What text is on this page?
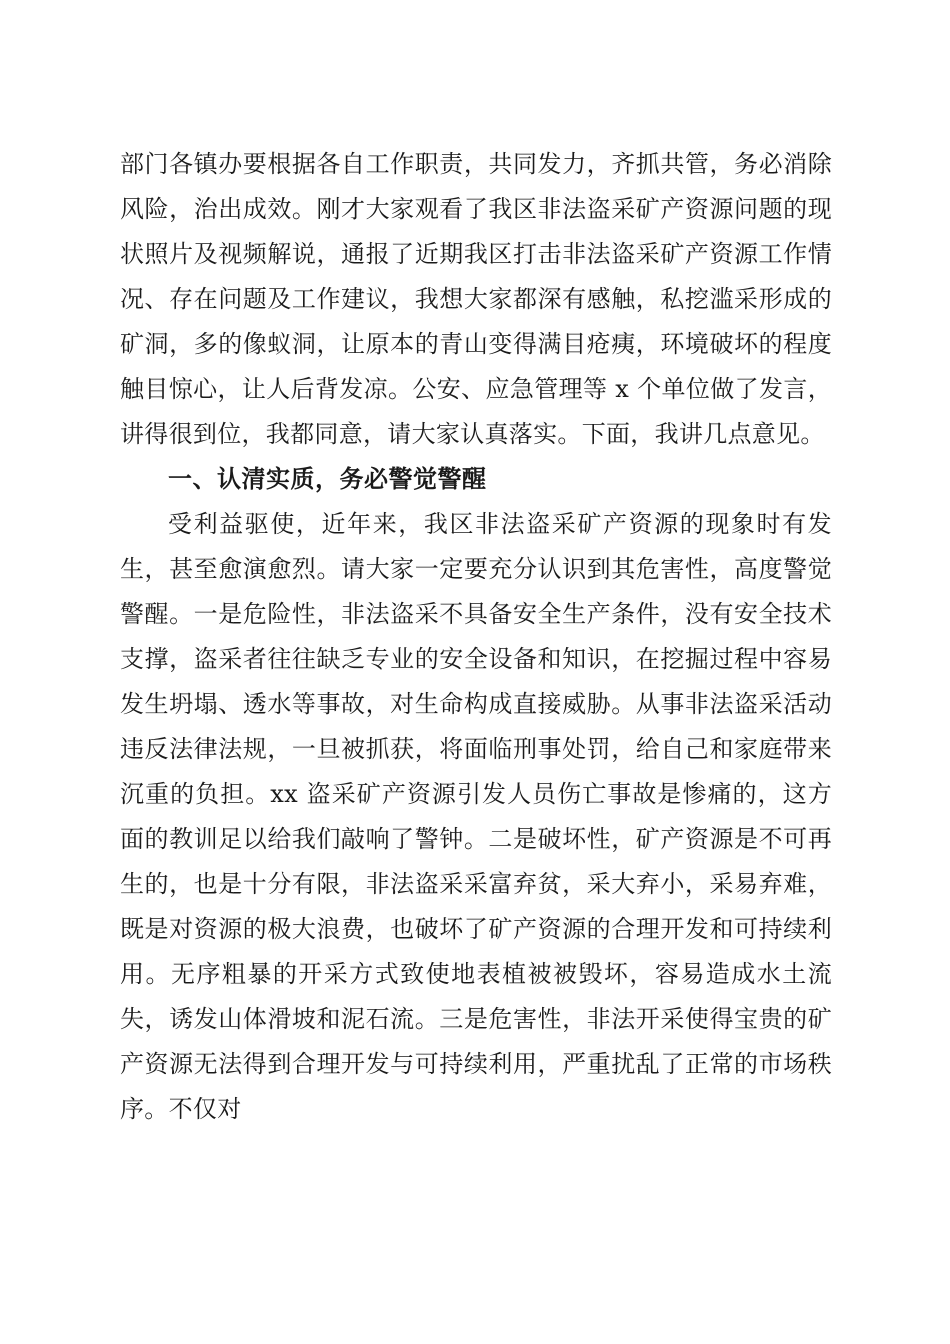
部门各镇办要根据各自工作职责，共同发力，齐抓共管，务必消除风险，治出成效。刚才大家观看了我区非法盗采矿产资源问题的现状照片及视频解说，通报了近期我区打击非法盗采矿产资源工作情况、存在问题及工作建议，我想大家都深有感触，私挖滥采形成的矿洞，多的像蚁洞，让原本的青山变得满目疮痍，环境破坏的程度触目惊心，让人后背发凉。公安、应急管理等 x 个单位做了发言，讲得很到位，我都同意，请大家认真落实。下面，我讲几点意见。

一、认清实质，务必警觉警醒

受利益驱使，近年来，我区非法盗采矿产资源的现象时有发生，甚至愈演愈烈。请大家一定要充分认识到其危害性，高度警觉警醒。一是危险性，非法盗采不具备安全生产条件，没有安全技术支撑，盗采者往往缺乏专业的安全设备和知识，在挖掘过程中容易发生坍塌、透水等事故，对生命构成直接威胁。从事非法盗采活动违反法律法规，一旦被抓获，将面临刑事处罚，给自己和家庭带来沉重的负担。xx 盗采矿产资源引发人员伤亡事故是惨痛的，这方面的教训足以给我们敲响了警钟。二是破坏性，矿产资源是不可再生的，也是十分有限，非法盗采采富弃贫，采大弃小，采易弃难，既是对资源的极大浪费，也破坏了矿产资源的合理开发和可持续利用。无序粗暴的开采方式致使地表植被被毁坏，容易造成水土流失，诱发山体滑坡和泥石流。三是危害性，非法开采使得宝贵的矿产资源无法得到合理开发与可持续利用，严重扰乱了正常的市场秩序。不仅对
